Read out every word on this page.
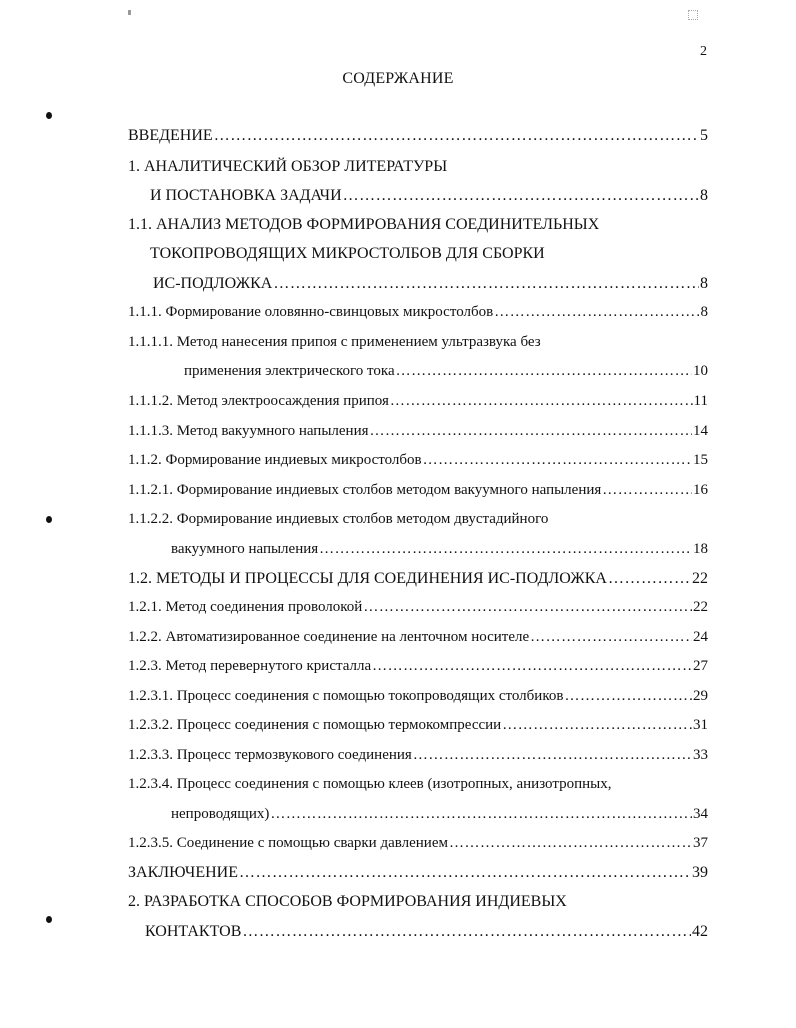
2
СОДЕРЖАНИЕ
ВВЕДЕНИЕ …………………………………………………………………………………………………………………………………………………………	5
1. АНАЛИТИЧЕСКИЙ ОБЗОР ЛИТЕРАТУРЫ
И ПОСТАНОВКА ЗАДАЧИ …………………………………………………………………………………………………………………………………………………………	8
1.1. АНАЛИЗ МЕТОДОВ ФОРМИРОВАНИЯ СОЕДИНИТЕЛЬНЫХ
ТОКОПРОВОДЯЩИХ МИКРОСТОЛБОВ ДЛЯ СБОРКИ
ИС-ПОДЛОЖКА …………………………………………………………………………………………………………………………………………………………	8
1.1.1. Формирование оловянно-свинцовых микростолбов …………………………………………………………………………………………………………………………………………………………	8
1.1.1.1. Метод нанесения припоя с применением ультразвука без
применения электрического тока …………………………………………………………………………………………………………………………………………………………	10
1.1.1.2. Метод электроосаждения припоя …………………………………………………………………………………………………………………………………………………………	11
1.1.1.3. Метод вакуумного напыления …………………………………………………………………………………………………………………………………………………………	14
1.1.2. Формирование индиевых микростолбов …………………………………………………………………………………………………………………………………………………………	15
1.1.2.1. Формирование индиевых столбов методом вакуумного напыления …………………………………………………………………………………………………………………………………………………………	16
1.1.2.2. Формирование индиевых столбов методом двустадийного
вакуумного напыления …………………………………………………………………………………………………………………………………………………………	18
1.2. МЕТОДЫ И ПРОЦЕССЫ ДЛЯ СОЕДИНЕНИЯ ИС-ПОДЛОЖКА …………………………………………………………………………………………………………………………………………………………	22
1.2.1. Метод соединения проволокой …………………………………………………………………………………………………………………………………………………………	22
1.2.2. Автоматизированное соединение на ленточном носителе …………………………………………………………………………………………………………………………………………………………	24
1.2.3. Метод перевернутого кристалла …………………………………………………………………………………………………………………………………………………………	27
1.2.3.1. Процесс соединения с помощью токопроводящих столбиков …………………………………………………………………………………………………………………………………………………………	29
1.2.3.2. Процесс соединения с помощью термокомпрессии …………………………………………………………………………………………………………………………………………………………	31
1.2.3.3. Процесс термозвукового соединения …………………………………………………………………………………………………………………………………………………………	33
1.2.3.4. Процесс соединения с помощью клеев (изотропных, анизотропных,
непроводящих) …………………………………………………………………………………………………………………………………………………………	34
1.2.3.5. Соединение с помощью сварки давлением …………………………………………………………………………………………………………………………………………………………	37
ЗАКЛЮЧЕНИЕ …………………………………………………………………………………………………………………………………………………………	39
2. РАЗРАБОТКА СПОСОБОВ ФОРМИРОВАНИЯ ИНДИЕВЫХ
КОНТАКТОВ …………………………………………………………………………………………………………………………………………………………	42
